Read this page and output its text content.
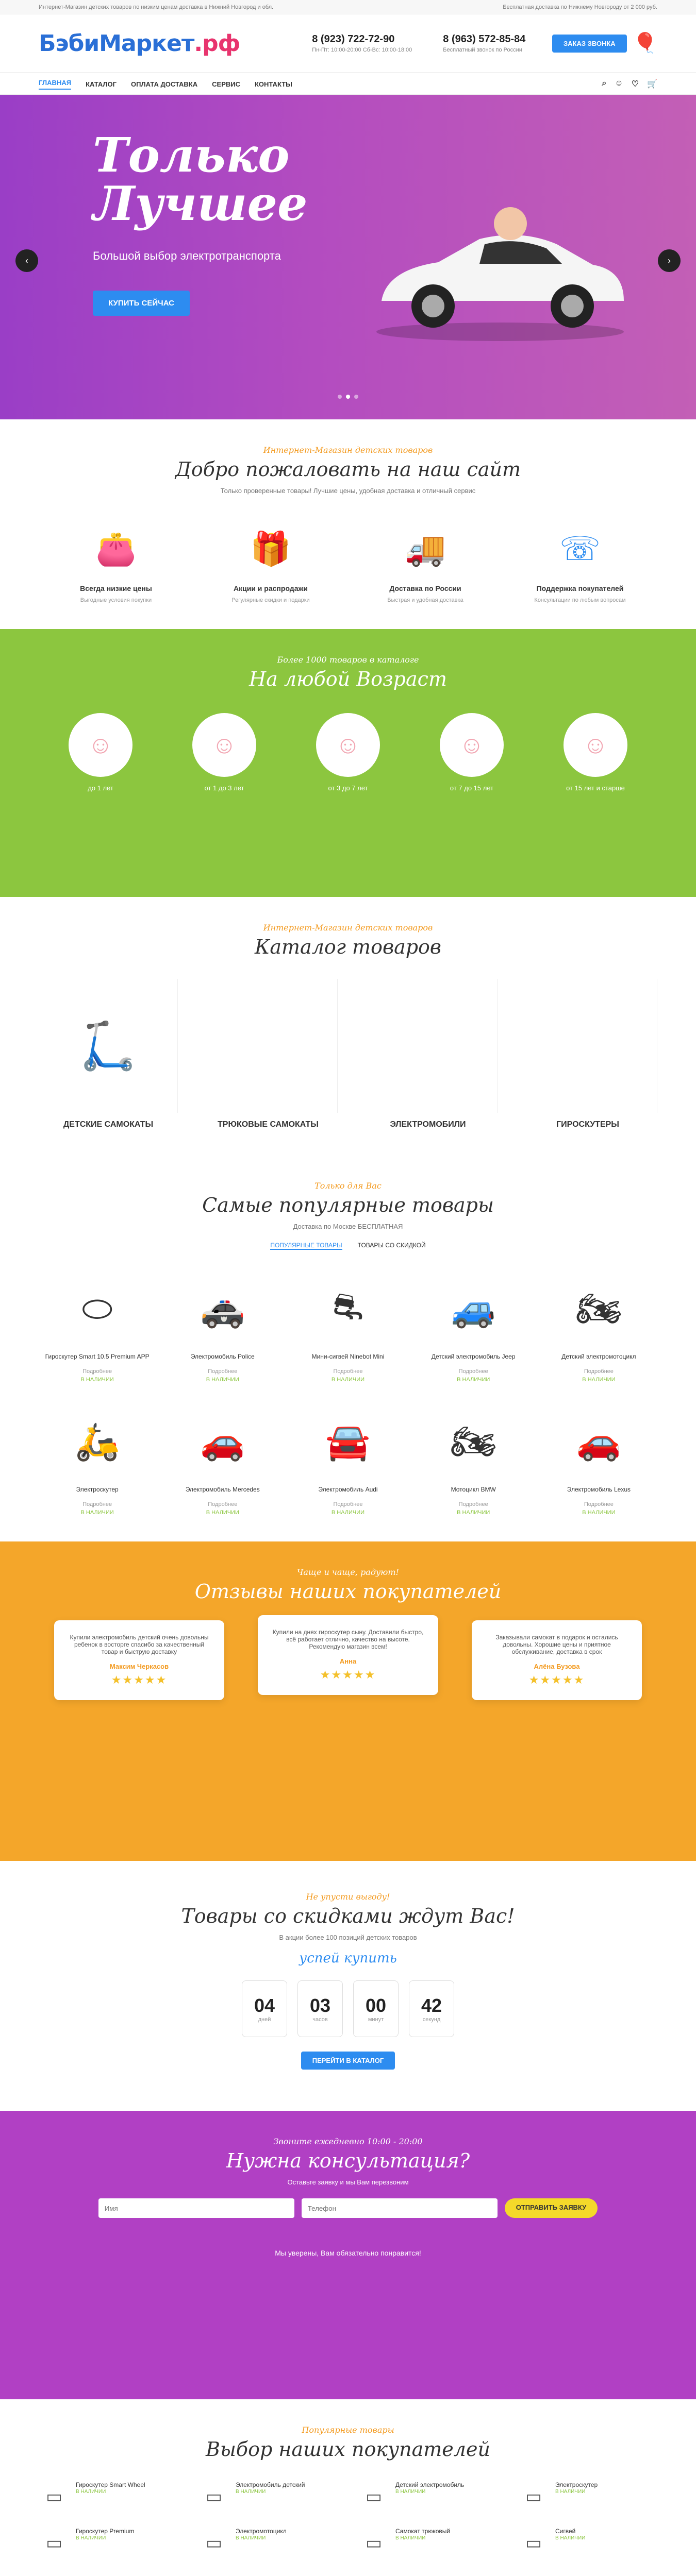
Интернет-Магазин детских товаров по низким ценам доставка в Нижний Новгород и обл.	Бесплатная доставка по Нижнему Новгороду от 2 000 руб.
БэбиМаркет.рф	8 (923) 722-72-90
Пн-Пт: 10:00-20:00 Сб-Вс: 10:00-18:00
8 (963) 572-85-84
Бесплатный звонок по России
ЗАКАЗ ЗВОНКА 🎈
ГЛАВНАЯ КАТАЛОГ ОПЛАТА ДОСТАВКА СЕРВИС КОНТАКТЫ	⌕ ☺ ♡ 🛒
Только
Лучшее

Большой выбор электротранспорта

КУПИТЬ СЕЙЧАС
‹	›
Интернет-Магазин детских товаров
Добро пожаловать на наш сайт
Только проверенные товары! Лучшие цены, удобная доставка и отличный сервис
👛
Всегда низкие цены
Выгодные условия покупки
🎁
Акции и распродажи
Регулярные скидки и подарки
🚚
Доставка по России
Быстрая и удобная доставка
☏
Поддержка покупателей
Консультации по любым вопросам
Более 1000 товаров в каталоге
На любой Возраст
☺
до 1 лет
☺
от 1 до 3 лет
☺
от 3 до 7 лет
☺
от 7 до 15 лет
☺
от 15 лет и старше
Интернет-Магазин детских товаров
Каталог товаров
🛴
ДЕТСКИЕ САМОКАТЫ	ТРЮКОВЫЕ САМОКАТЫ	ЭЛЕКТРОМОБИЛИ	ГИРОСКУТЕРЫ
Только для Вас
Самые популярные товары
Доставка по Москве БЕСПЛАТНАЯ
ПОПУЛЯРНЫЕ ТОВАРЫ	ТОВАРЫ СО СКИДКОЙ
⬭
Гироскутер Smart 10.5 Premium APP
Подробнее
В НАЛИЧИИ
🚓
Электромобиль Police
Подробнее
В НАЛИЧИИ
⛐
Мини-сигвей Ninebot Mini
Подробнее
В НАЛИЧИИ
🚙
Детский электромобиль Jeep
Подробнее
В НАЛИЧИИ
🏍
Детский электромотоцикл
Подробнее
В НАЛИЧИИ
🛵
Электроскутер
Подробнее
В НАЛИЧИИ
🚗
Электромобиль Mercedes
Подробнее
В НАЛИЧИИ
🚘
Электромобиль Audi
Подробнее
В НАЛИЧИИ
🏍
Мотоцикл BMW
Подробнее
В НАЛИЧИИ
🚗
Электромобиль Lexus
Подробнее
В НАЛИЧИИ
Чаще и чаще, радуют!
Отзывы наших покупателей
Купили электромобиль детский очень довольны ребенок в восторге спасибо за качественный товар и быструю доставку
Максим Черкасов
★★★★★
Купили на днях гироскутер сыну. Доставили быстро, всё работает отлично, качество на высоте. Рекомендую магазин всем!
Анна
★★★★★
Заказывали самокат в подарок и остались довольны. Хорошие цены и приятное обслуживание, доставка в срок
Алёна Бузова
★★★★★
Не упусти выгоду!
Товары со скидками ждут Вас!
В акции более 100 позиций детских товаров
успей купить
04
дней
03
часов
00
минут
42
секунд
ПЕРЕЙТИ В КАТАЛОГ
Звоните ежедневно 10:00 - 20:00
Нужна консультация?
Оставьте заявку и мы Вам перезвоним
Имя
Телефон
ОТПРАВИТЬ ЗАЯВКУ
Мы уверены, Вам обязательно понравится!
Популярные товары
Выбор наших покупателей
▭
Гироскутер Smart Wheel
В НАЛИЧИИ	▭
Электромобиль детский
В НАЛИЧИИ	▭
Детский электромобиль
В НАЛИЧИИ	▭
Электроскутер
В НАЛИЧИИ
▭
Гироскутер Premium
В НАЛИЧИИ	▭
Электромотоцикл
В НАЛИЧИИ	▭
Самокат трюковый
В НАЛИЧИИ	▭
Сигвей
В НАЛИЧИИ
